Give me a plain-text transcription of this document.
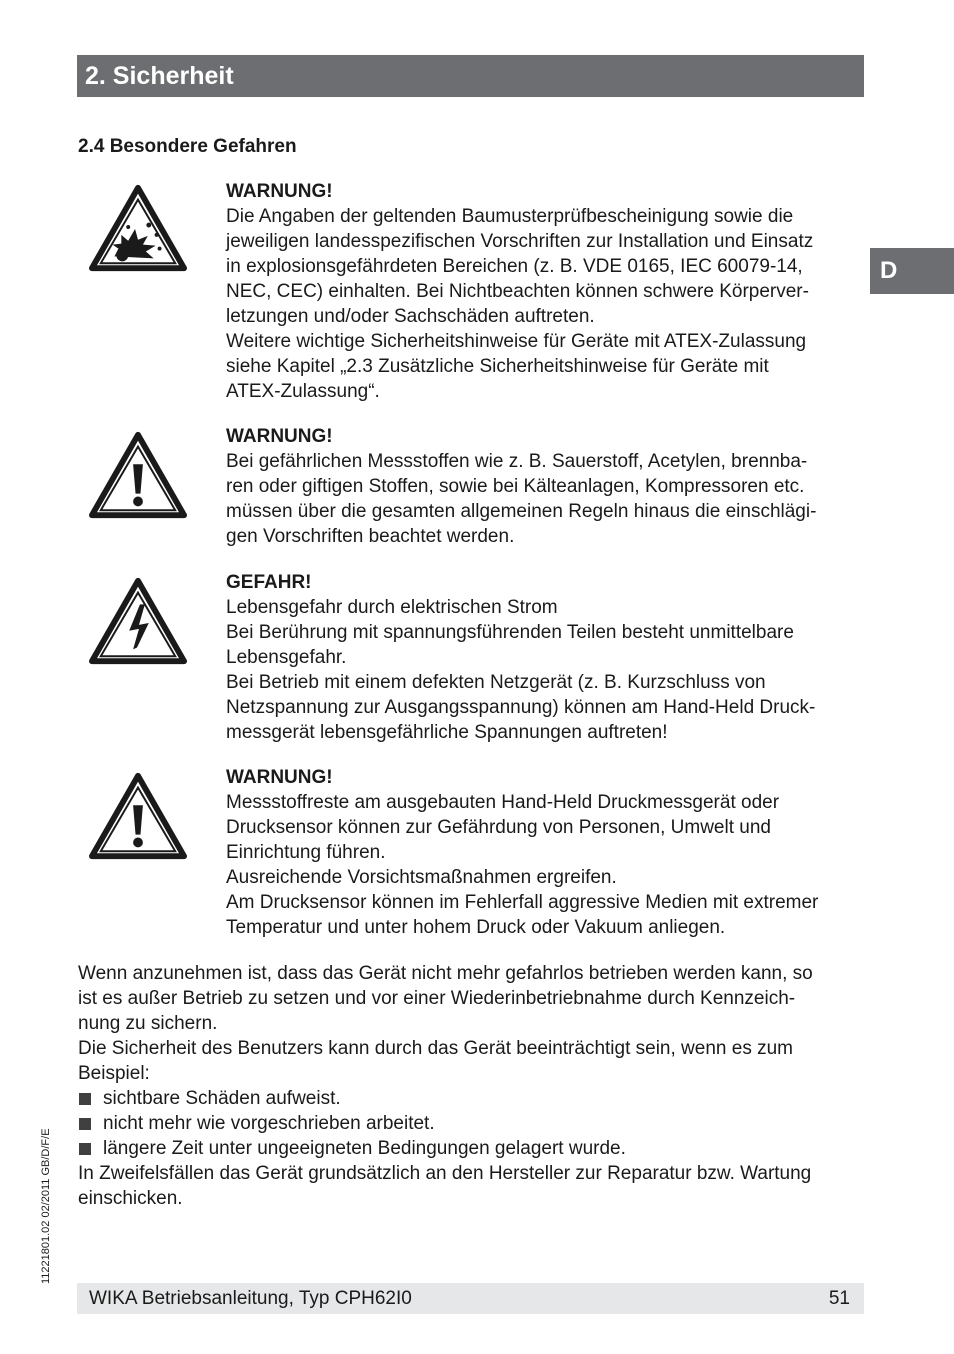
2. Sicherheit
D
2.4 Besondere Gefahren

WARNUNG!

Die Angaben der geltenden Baumusterprüfbescheinigung sowie die

jeweiligen landesspezifischen Vorschriften zur Installation und Einsatz

in explosionsgefährdeten Bereichen (z. B. VDE 0165, IEC 60079-14,

NEC, CEC) einhalten. Bei Nichtbeachten können schwere Körperver-

letzungen und/oder Sachschäden auftreten.

Weitere wichtige Sicherheitshinweise für Geräte mit ATEX-Zulassung

siehe Kapitel „2.3 Zusätzliche Sicherheitshinweise für Geräte mit

ATEX-Zulassung“.

WARNUNG!

Bei gefährlichen Messstoffen wie z. B. Sauerstoff, Acetylen, brennba-

ren oder giftigen Stoffen, sowie bei Kälteanlagen, Kompressoren etc.

müssen über die gesamten allgemeinen Regeln hinaus die einschlägi-

gen Vorschriften beachtet werden.

GEFAHR!

Lebensgefahr durch elektrischen Strom

Bei Berührung mit spannungsführenden Teilen besteht unmittelbare

Lebensgefahr.

Bei Betrieb mit einem defekten Netzgerät (z. B. Kurzschluss von

Netzspannung zur Ausgangsspannung) können am Hand-Held Druck-

messgerät lebensgefährliche Spannungen auftreten!

WARNUNG!

Messstoffreste am ausgebauten Hand-Held Druckmessgerät oder

Drucksensor können zur Gefährdung von Personen, Umwelt und

Einrichtung führen.

Ausreichende Vorsichtsmaßnahmen ergreifen.

Am Drucksensor können im Fehlerfall aggressive Medien mit extremer

Temperatur und unter hohem Druck oder Vakuum anliegen.

Wenn anzunehmen ist, dass das Gerät nicht mehr gefahrlos betrieben werden kann, so

ist es außer Betrieb zu setzen und vor einer Wiederinbetriebnahme durch Kennzeich-

nung zu sichern.

Die Sicherheit des Benutzers kann durch das Gerät beeinträchtigt sein, wenn es zum

Beispiel:

sichtbare Schäden aufweist.

nicht mehr wie vorgeschrieben arbeitet.

längere Zeit unter ungeeigneten Bedingungen gelagert wurde.

In Zweifelsfällen das Gerät grundsätzlich an den Hersteller zur Reparatur bzw. Wartung

einschicken.

11221801.02 02/2011 GB/D/F/E
WIKA Betriebsanleitung, Typ CPH62I0	51
